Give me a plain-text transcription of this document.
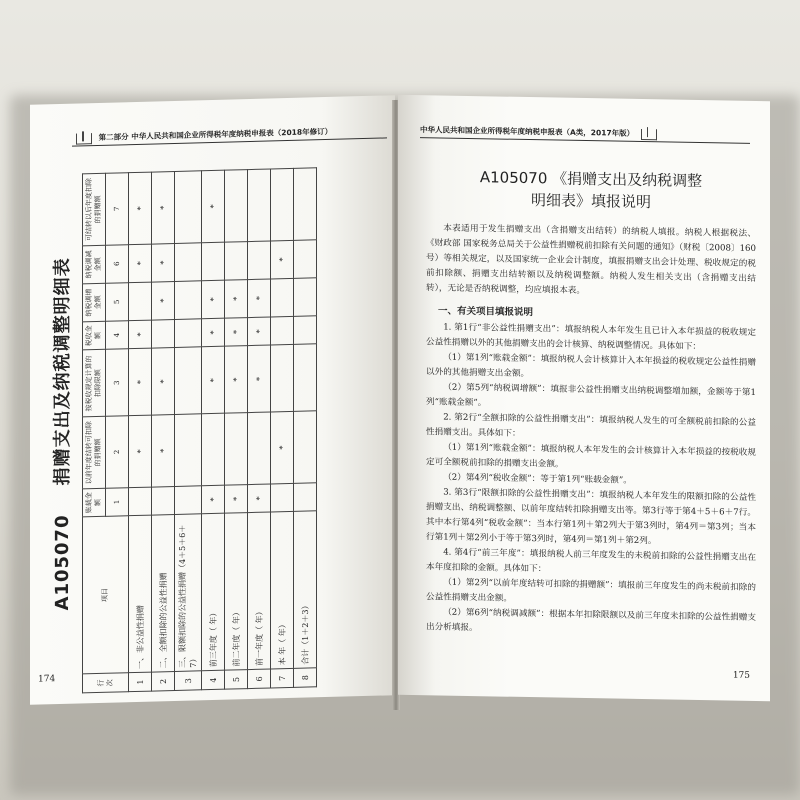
第二部分 中华人民共和国企业所得税年度纳税申报表（2018年修订）
A105070    捐赠支出及纳税调整明细表
行次	项目	账载金额	以前年度结转可扣除的捐赠额	按税收规定计算的扣除限额	税收金额	纳税调增金额	纳税调减金额	可结转以后年度扣除的捐赠额
		1	2	3	4	5	6	7
1	一、非公益性捐赠		*	*	*		*	*
2	二、全额扣除的公益性捐赠		*	*		*	*	*
3	三、限额扣除的公益性捐赠（4＋5＋6＋7）							
4	前三年度（ 年）	*		*	*	*		*
5	前二年度（ 年）	*		*	*	*		
6	前一年度（ 年）	*		*	*	*		
7	本 年（ 年）		*				*	
8	合计（1＋2＋3）							
174
中华人民共和国企业所得税年度纳税申报表（A类，2017年版）
A105070 《捐赠支出及纳税调整
明细表》填报说明

本表适用于发生捐赠支出（含捐赠支出结转）的纳税人填报。纳税人根据税法、《财政部 国家税务总局关于公益性捐赠税前扣除有关问题的通知》（财税〔2008〕160号）等相关规定，以及国家统一企业会计制度，填报捐赠支出会计处理、税收规定的税前扣除额、捐赠支出结转额以及纳税调整额。纳税人发生相关支出（含捐赠支出结转），无论是否纳税调整，均应填报本表。

一、有关项目填报说明

1. 第1行“非公益性捐赠支出”：填报纳税人本年发生且已计入本年损益的税收规定公益性捐赠以外的其他捐赠支出的会计核算、纳税调整情况。具体如下：

（1）第1列“账载金额”：填报纳税人会计核算计入本年损益的税收规定公益性捐赠以外的其他捐赠支出金额。

（2）第5列“纳税调增额”：填报非公益性捐赠支出纳税调整增加额，金额等于第1列“账载金额”。

2. 第2行“全额扣除的公益性捐赠支出”：填报纳税人发生的可全额税前扣除的公益性捐赠支出。具体如下：

（1）第1列“账载金额”：填报纳税人本年发生的会计核算计入本年损益的按税收规定可全额税前扣除的捐赠支出金额。

（2）第4列“税收金额”：等于第1列“账载金额”。

3. 第3行“限额扣除的公益性捐赠支出”：填报纳税人本年发生的限额扣除的公益性捐赠支出、纳税调整额、以前年度结转扣除捐赠支出等。第3行等于第4＋5＋6＋7行。其中本行第4列“税收金额”：当本行第1列＋第2列大于第3列时，第4列＝第3列；当本行第1列＋第2列小于等于第3列时，第4列＝第1列＋第2列。

4. 第4行“前三年度”：填报纳税人前三年度发生的未税前扣除的公益性捐赠支出在本年度扣除的金额。具体如下：

（1）第2列“以前年度结转可扣除的捐赠额”：填报前三年度发生的尚未税前扣除的公益性捐赠支出金额。

（2）第6列“纳税调减额”：根据本年扣除限额以及前三年度未扣除的公益性捐赠支出分析填报。

175
